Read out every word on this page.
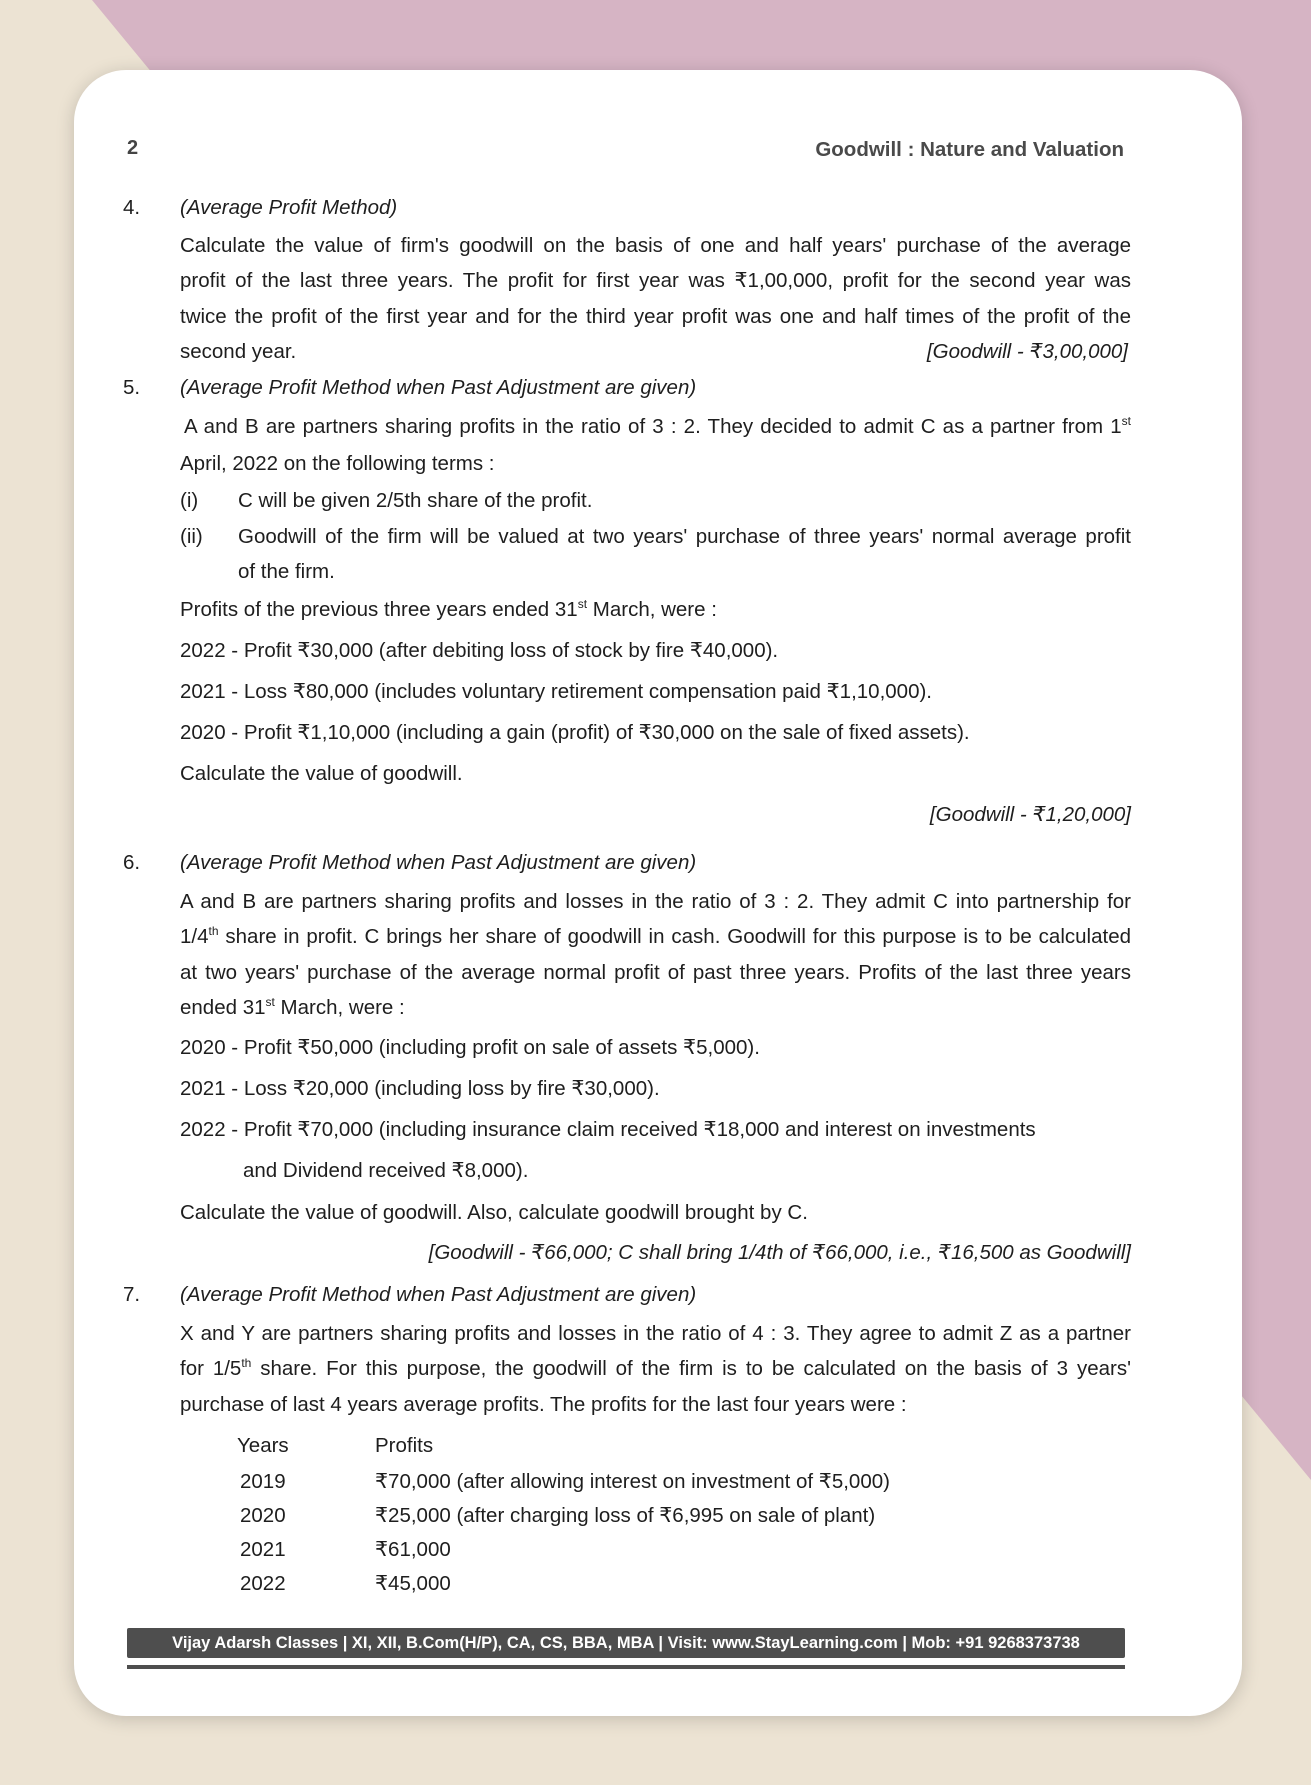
2	Goodwill : Nature and Valuation
4. (Average Profit Method)
Calculate the value of firm's goodwill on the basis of one and half years' purchase of the average
profit of the last three years. The profit for first year was ₹1,00,000, profit for the second year was
twice the profit of the first year and for the third year profit was one and half times of the profit of the
second year.	[Goodwill - ₹3,00,000]
5. (Average Profit Method when Past Adjustment are given)
A and B are partners sharing profits in the ratio of 3 : 2. They decided to admit C as a partner from 1st
April, 2022 on the following terms :
(i) C will be given 2/5th share of the profit.
(ii) Goodwill of the firm will be valued at two years' purchase of three years' normal average profit
of the firm.
Profits of the previous three years ended 31st March, were :
2022 - Profit ₹30,000 (after debiting loss of stock by fire ₹40,000).
2021 - Loss ₹80,000 (includes voluntary retirement compensation paid ₹1,10,000).
2020 - Profit ₹1,10,000 (including a gain (profit) of ₹30,000 on the sale of fixed assets).
Calculate the value of goodwill.
[Goodwill - ₹1,20,000]
6. (Average Profit Method when Past Adjustment are given)
A and B are partners sharing profits and losses in the ratio of 3 : 2. They admit C into partnership for
1/4th share in profit. C brings her share of goodwill in cash. Goodwill for this purpose is to be calculated
at two years' purchase of the average normal profit of past three years. Profits of the last three years
ended 31st March, were :
2020 - Profit ₹50,000 (including profit on sale of assets ₹5,000).
2021 - Loss ₹20,000 (including loss by fire ₹30,000).
2022 - Profit ₹70,000 (including insurance claim received ₹18,000 and interest on investments
and Dividend received ₹8,000).
Calculate the value of goodwill. Also, calculate goodwill brought by C.
[Goodwill - ₹66,000; C shall bring 1/4th of ₹66,000, i.e., ₹16,500 as Goodwill]
7. (Average Profit Method when Past Adjustment are given)
X and Y are partners sharing profits and losses in the ratio of 4 : 3. They agree to admit Z as a partner
for 1/5th share. For this purpose, the goodwill of the firm is to be calculated on the basis of 3 years'
purchase of last 4 years average profits. The profits for the last four years were :
Years	Profits
2019	₹70,000 (after allowing interest on investment of ₹5,000)
2020	₹25,000 (after charging loss of ₹6,995 on sale of plant)
2021	₹61,000
2022	₹45,000
Vijay Adarsh Classes | XI, XII, B.Com(H/P), CA, CS, BBA, MBA | Visit: www.StayLearning.com | Mob: +91 9268373738
